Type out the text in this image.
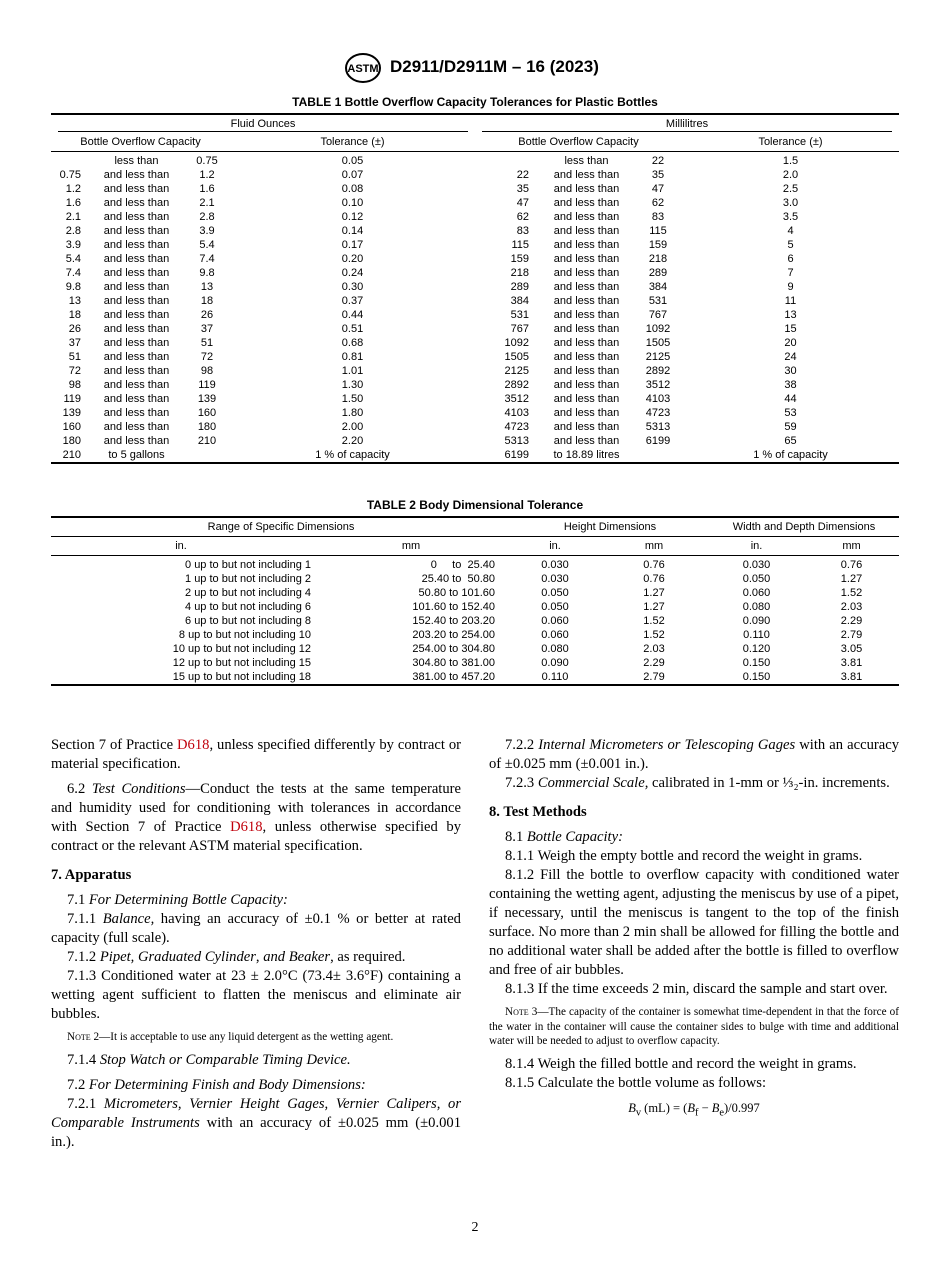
ASTM D2911/D2911M – 16 (2023)
TABLE 1 Bottle Overflow Capacity Tolerances for Plastic Bottles
Fluid Ounces				Millilitres			
Bottle Overflow Capacity			Tolerance (±)	Bottle Overflow Capacity			Tolerance (±)
	less than	0.75	0.05		less than	22	1.5
0.75	and less than	1.2	0.07	22	and less than	35	2.0
1.2	and less than	1.6	0.08	35	and less than	47	2.5
1.6	and less than	2.1	0.10	47	and less than	62	3.0
2.1	and less than	2.8	0.12	62	and less than	83	3.5
2.8	and less than	3.9	0.14	83	and less than	115	4
3.9	and less than	5.4	0.17	115	and less than	159	5
5.4	and less than	7.4	0.20	159	and less than	218	6
7.4	and less than	9.8	0.24	218	and less than	289	7
9.8	and less than	13	0.30	289	and less than	384	9
13	and less than	18	0.37	384	and less than	531	11
18	and less than	26	0.44	531	and less than	767	13
26	and less than	37	0.51	767	and less than	1092	15
37	and less than	51	0.68	1092	and less than	1505	20
51	and less than	72	0.81	1505	and less than	2125	24
72	and less than	98	1.01	2125	and less than	2892	30
98	and less than	119	1.30	2892	and less than	3512	38
119	and less than	139	1.50	3512	and less than	4103	44
139	and less than	160	1.80	4103	and less than	4723	53
160	and less than	180	2.00	4723	and less than	5313	59
180	and less than	210	2.20	5313	and less than	6199	65
210	to 5 gallons		1 % of capacity	6199	to 18.89 litres		1 % of capacity
TABLE 2 Body Dimensional Tolerance
Range of Specific Dimensions		Height Dimensions		Width and Depth Dimensions	
in.	mm	in.	mm	in.	mm
0 up to but not including 1	0     to  25.40	0.030	0.76	0.030	0.76
1 up to but not including 2	25.40 to  50.80	0.030	0.76	0.050	1.27
2 up to but not including 4	50.80 to 101.60	0.050	1.27	0.060	1.52
4 up to but not including 6	101.60 to 152.40	0.050	1.27	0.080	2.03
6 up to but not including 8	152.40 to 203.20	0.060	1.52	0.090	2.29
8 up to but not including 10	203.20 to 254.00	0.060	1.52	0.110	2.79
10 up to but not including 12	254.00 to 304.80	0.080	2.03	0.120	3.05
12 up to but not including 15	304.80 to 381.00	0.090	2.29	0.150	3.81
15 up to but not including 18	381.00 to 457.20	0.110	2.79	0.150	3.81

Section 7 of Practice D618, unless specified differently by contract or material specification.

6.2 Test Conditions—Conduct the tests at the same temperature and humidity used for conditioning with tolerances in accordance with Section 7 of Practice D618, unless otherwise specified by contract or the relevant ASTM material specification.

7. Apparatus

7.1 For Determining Bottle Capacity:

7.1.1 Balance, having an accuracy of ±0.1 % or better at rated capacity (full scale).

7.1.2 Pipet, Graduated Cylinder, and Beaker, as required.

7.1.3 Conditioned water at 23 ± 2.0°C (73.4± 3.6°F) containing a wetting agent sufficient to flatten the meniscus and eliminate air bubbles.

Note 2—It is acceptable to use any liquid detergent as the wetting agent.

7.1.4 Stop Watch or Comparable Timing Device.

7.2 For Determining Finish and Body Dimensions:

7.2.1 Micrometers, Vernier Height Gages, Vernier Calipers, or Comparable Instruments with an accuracy of ±0.025 mm (±0.001 in.).

7.2.2 Internal Micrometers or Telescoping Gages with an accuracy of ±0.025 mm (±0.001 in.).

7.2.3 Commercial Scale, calibrated in 1-mm or ⅓₂-in. increments.

8. Test Methods

8.1 Bottle Capacity:

8.1.1 Weigh the empty bottle and record the weight in grams.

8.1.2 Fill the bottle to overflow capacity with conditioned water containing the wetting agent, adjusting the meniscus by use of a pipet, if necessary, until the meniscus is tangent to the top of the finish surface. No more than 2 min shall be allowed for filling the bottle and no additional water shall be added after the bottle is filled to overflow and free of air bubbles.

8.1.3 If the time exceeds 2 min, discard the sample and start over.

Note 3—The capacity of the container is somewhat time-dependent in that the force of the water in the container will cause the container sides to bulge with time and additional water will be needed to adjust to overflow capacity.

8.1.4 Weigh the filled bottle and record the weight in grams.

8.1.5 Calculate the bottle volume as follows:

$B_v$ $(mL) = (B_f - B_e)/0.997$

2
